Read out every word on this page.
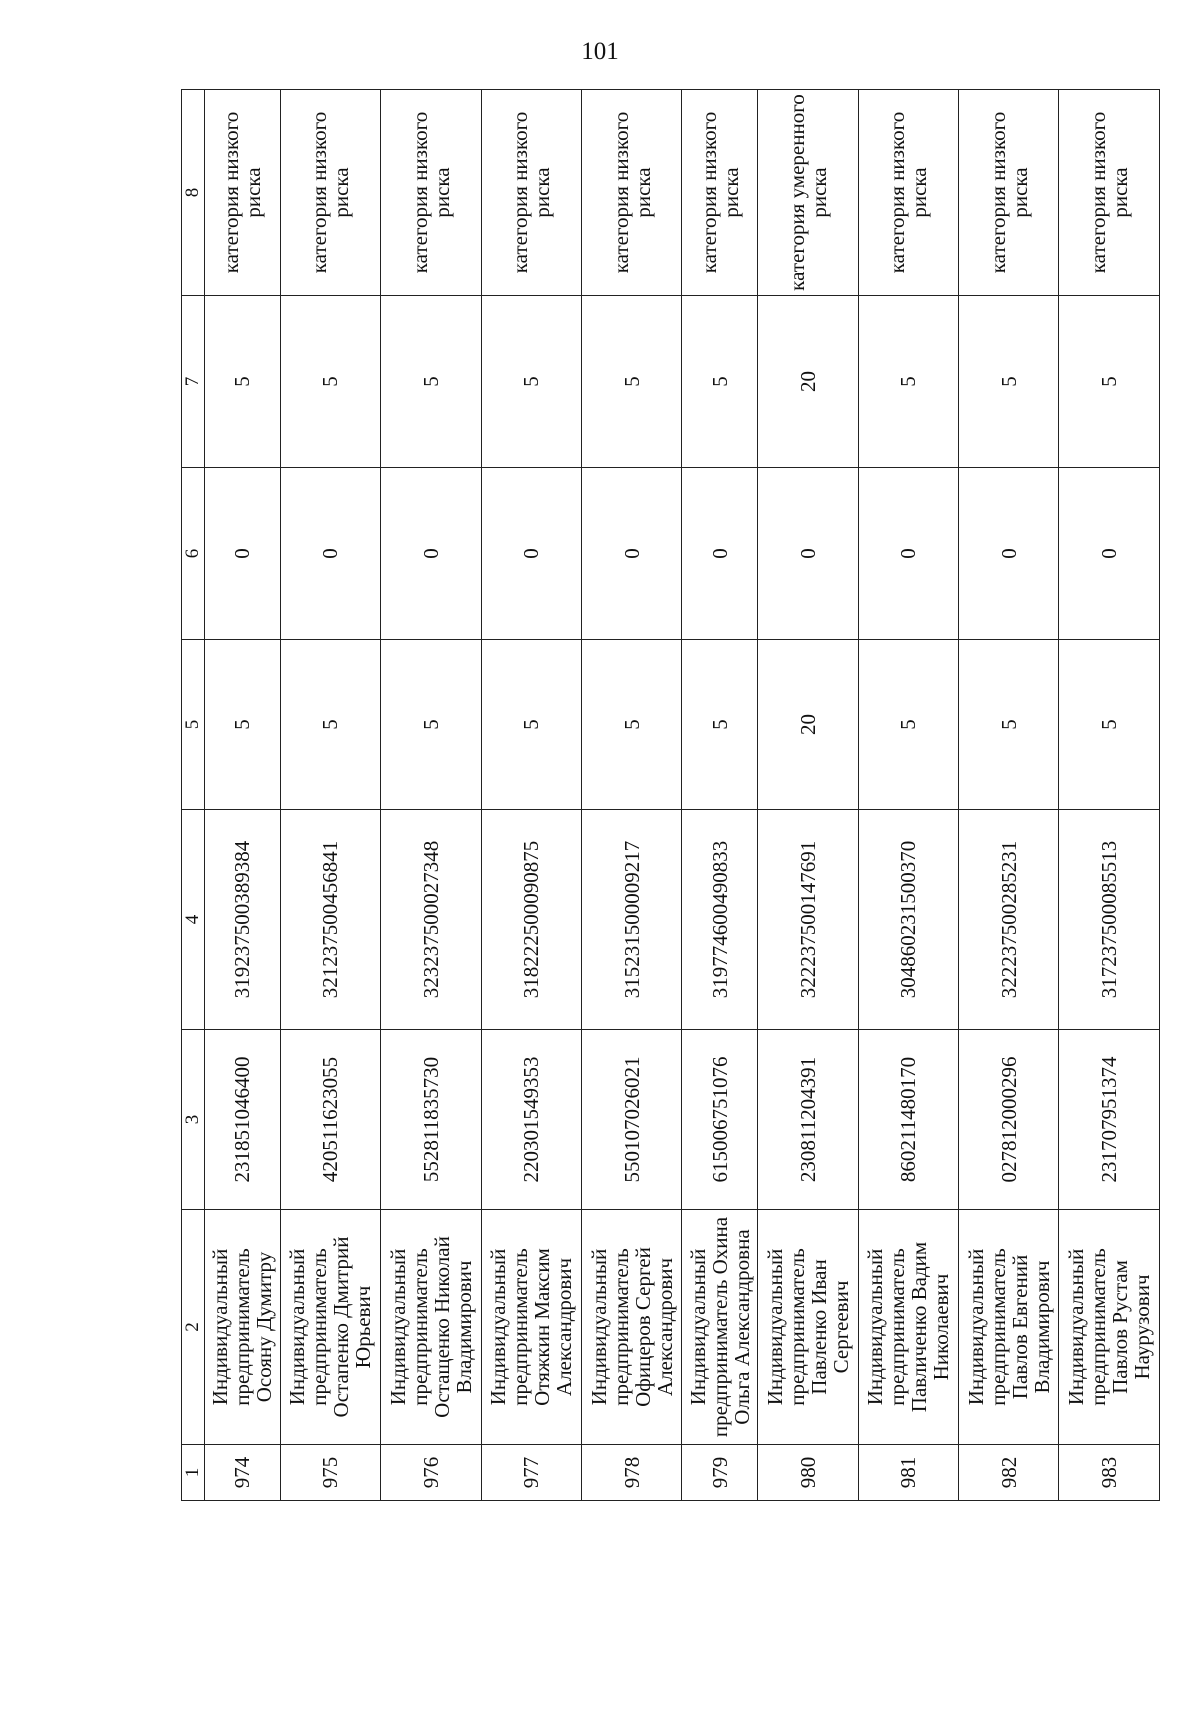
101
1	2	3	4	5	6	7	8
974	Индивидуальный предприниматель Осояну Думитру	231851046400	319237500389384	5	0	5	категория низкого риска
975	Индивидуальный предприниматель Остапенко Дмитрий Юрьевич	420511623055	321237500456841	5	0	5	категория низкого риска
976	Индивидуальный предприниматель Остащенко Николай Владимирович	552811835730	323237500027348	5	0	5	категория низкого риска
977	Индивидуальный предприниматель Отяжкин Максим Александрович	220301549353	318222500090875	5	0	5	категория низкого риска
978	Индивидуальный предприниматель Офицеров Сергей Александрович	550107026021	315231500009217	5	0	5	категория низкого риска
979	Индивидуальный предприниматель Охина Ольга Александровна	615006751076	319774600490833	5	0	5	категория низкого риска
980	Индивидуальный предприниматель Павленко Иван Сергеевич	230811204391	322237500147691	20	0	20	категория умеренного риска
981	Индивидуальный предприниматель Павличенко Вадим Николаевич	860211480170	304860231500370	5	0	5	категория низкого риска
982	Индивидуальный предприниматель Павлов Евгений Владимирович	027812000296	322237500285231	5	0	5	категория низкого риска
983	Индивидуальный предприниматель Павлов Рустам Наурузович	231707951374	317237500085513	5	0	5	категория низкого риска
